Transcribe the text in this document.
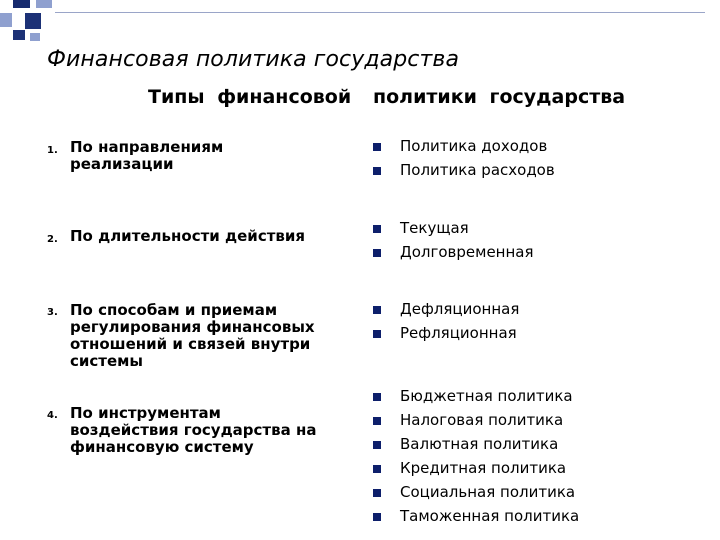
Финансовая политика государства
Типы финансовой политики государства
1. По направлениям реализации
Политика доходов
Политика расходов
2. По длительности действия	Текущая
Долговременная
3. По способам и приемам регулирования финансовых отношений и связей внутри системы
Дефляционная
Рефляционная
4. По инструментам воздействия государства на финансовую систему
Бюджетная политика
Налоговая политика
Валютная политика
Кредитная политика
Социальная политика
Таможенная политика
